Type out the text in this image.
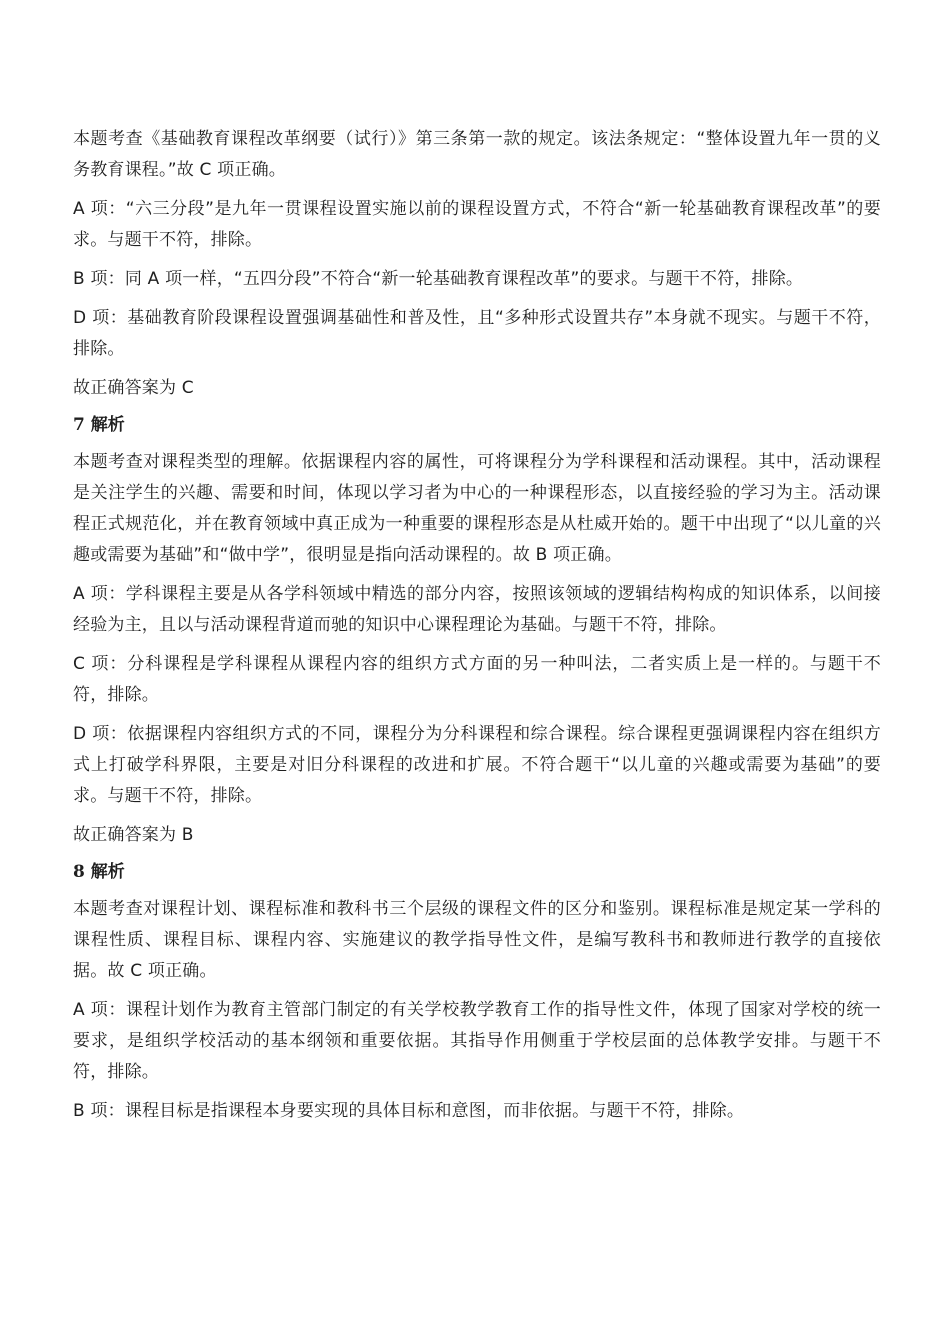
本题考查《基础教育课程改革纲要（试行）》第三条第一款的规定。该法条规定：“整体设置九年一贯的义务教育课程。”故 C 项正确。

A 项：“六三分段”是九年一贯课程设置实施以前的课程设置方式，不符合“新一轮基础教育课程改革”的要求。与题干不符，排除。

B 项：同 A 项一样，“五四分段”不符合“新一轮基础教育课程改革”的要求。与题干不符，排除。

D 项：基础教育阶段课程设置强调基础性和普及性，且“多种形式设置共存”本身就不现实。与题干不符，排除。

故正确答案为 C

7 解析

本题考查对课程类型的理解。依据课程内容的属性，可将课程分为学科课程和活动课程。其中，活动课程是关注学生的兴趣、需要和时间，体现以学习者为中心的一种课程形态，以直接经验的学习为主。活动课程正式规范化，并在教育领域中真正成为一种重要的课程形态是从杜威开始的。题干中出现了“以儿童的兴趣或需要为基础”和“做中学”，很明显是指向活动课程的。故 B 项正确。

A 项：学科课程主要是从各学科领域中精选的部分内容，按照该领域的逻辑结构构成的知识体系，以间接经验为主，且以与活动课程背道而驰的知识中心课程理论为基础。与题干不符，排除。

C 项：分科课程是学科课程从课程内容的组织方式方面的另一种叫法，二者实质上是一样的。与题干不符，排除。

D 项：依据课程内容组织方式的不同，课程分为分科课程和综合课程。综合课程更强调课程内容在组织方式上打破学科界限，主要是对旧分科课程的改进和扩展。不符合题干“以儿童的兴趣或需要为基础”的要求。与题干不符，排除。

故正确答案为 B

8 解析

本题考查对课程计划、课程标准和教科书三个层级的课程文件的区分和鉴别。课程标准是规定某一学科的课程性质、课程目标、课程内容、实施建议的教学指导性文件，是编写教科书和教师进行教学的直接依据。故 C 项正确。

A 项：课程计划作为教育主管部门制定的有关学校教学教育工作的指导性文件，体现了国家对学校的统一要求，是组织学校活动的基本纲领和重要依据。其指导作用侧重于学校层面的总体教学安排。与题干不符，排除。

B 项：课程目标是指课程本身要实现的具体目标和意图，而非依据。与题干不符，排除。
